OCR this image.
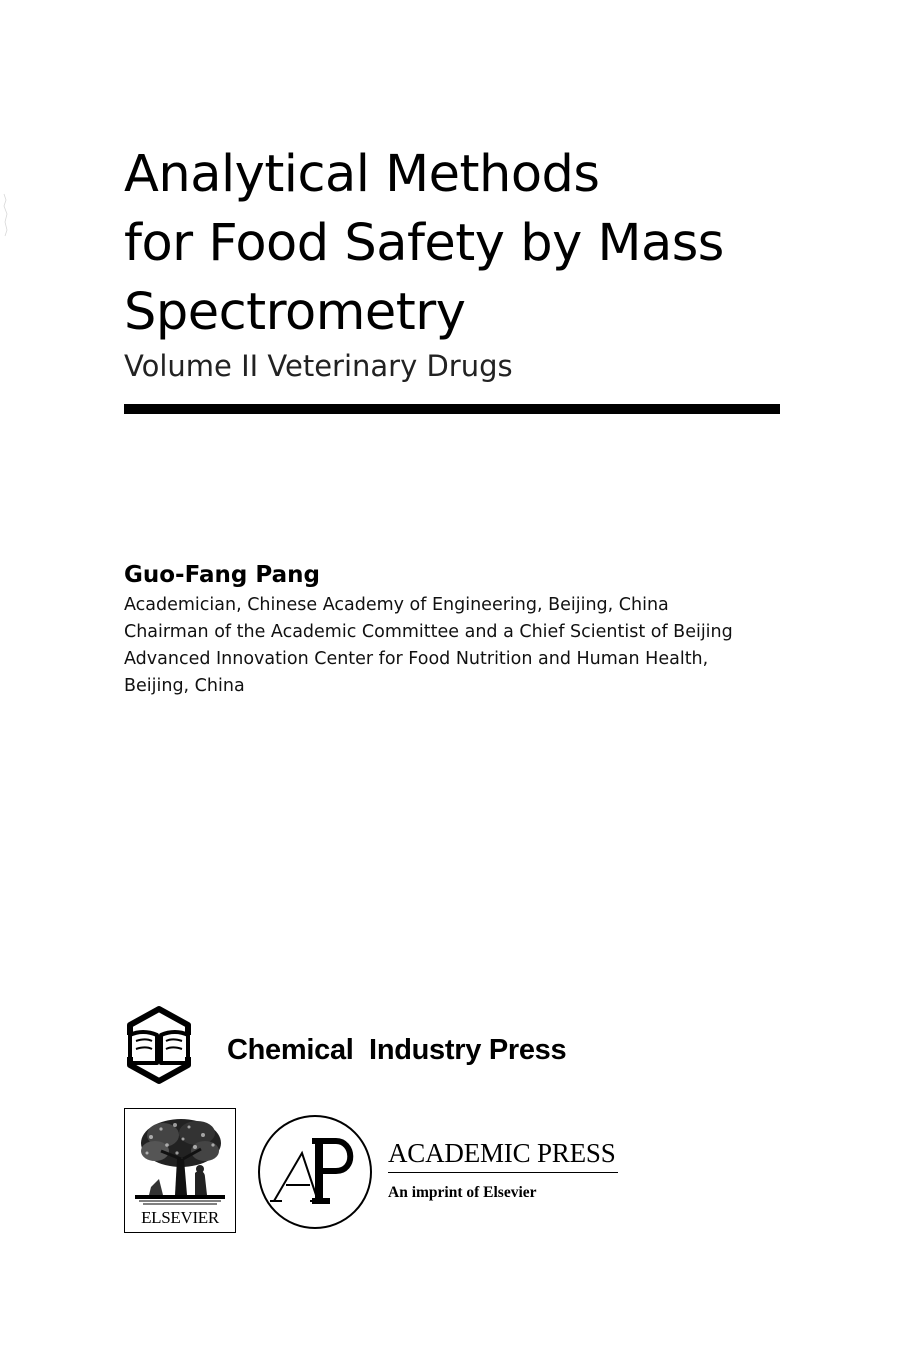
Analytical Methods
for Food Safety by Mass
Spectrometry
Volume II Veterinary Drugs
Guo-Fang Pang
Academician, Chinese Academy of Engineering, Beijing, China
Chairman of the Academic Committee and a Chief Scientist of Beijing
Advanced Innovation Center for Food Nutrition and Human Health,
Beijing, China
Chemical  Industry Press
ELSEVIER
ACADEMIC PRESS
An imprint of Elsevier
